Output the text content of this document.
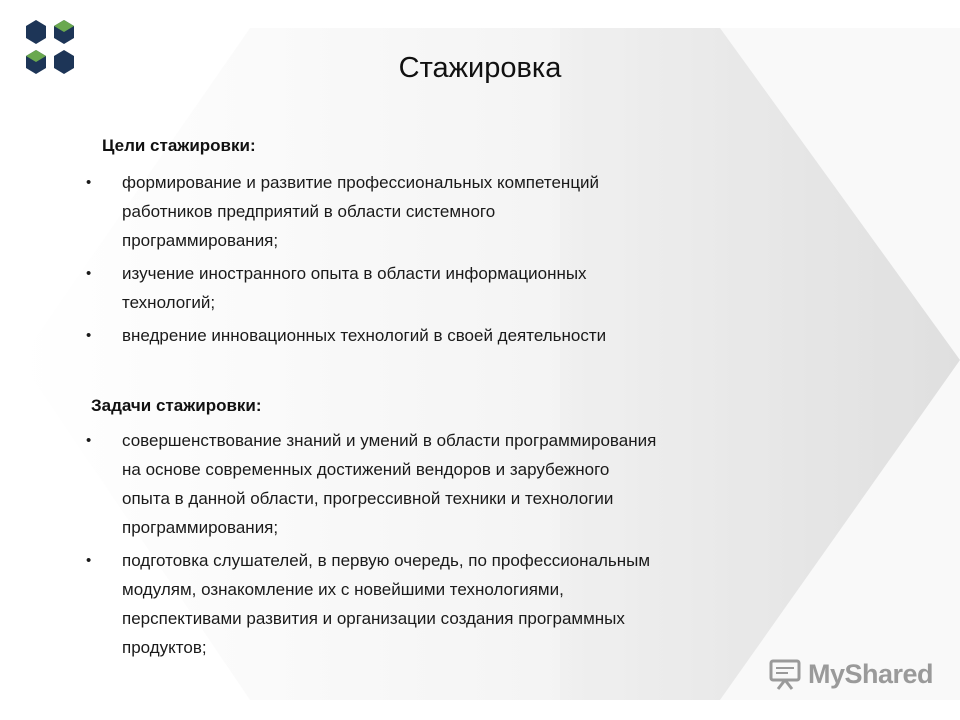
Стажировка
Цели стажировки:
• формирование и развитие профессиональных компетенций
работников предприятий в области системного
программирования;
• изучение иностранного опыта в области информационных
технологий;
• внедрение инновационных технологий в своей деятельности
Задачи стажировки:
• совершенствование знаний и умений в области программирования
на основе современных достижений вендоров и зарубежного
опыта в данной области, прогрессивной техники и технологии
программирования;
• подготовка слушателей, в первую очередь, по профессиональным
модулям, ознакомление их с новейшими технологиями,
перспективами развития и организации создания программных
продуктов;
MyShared
